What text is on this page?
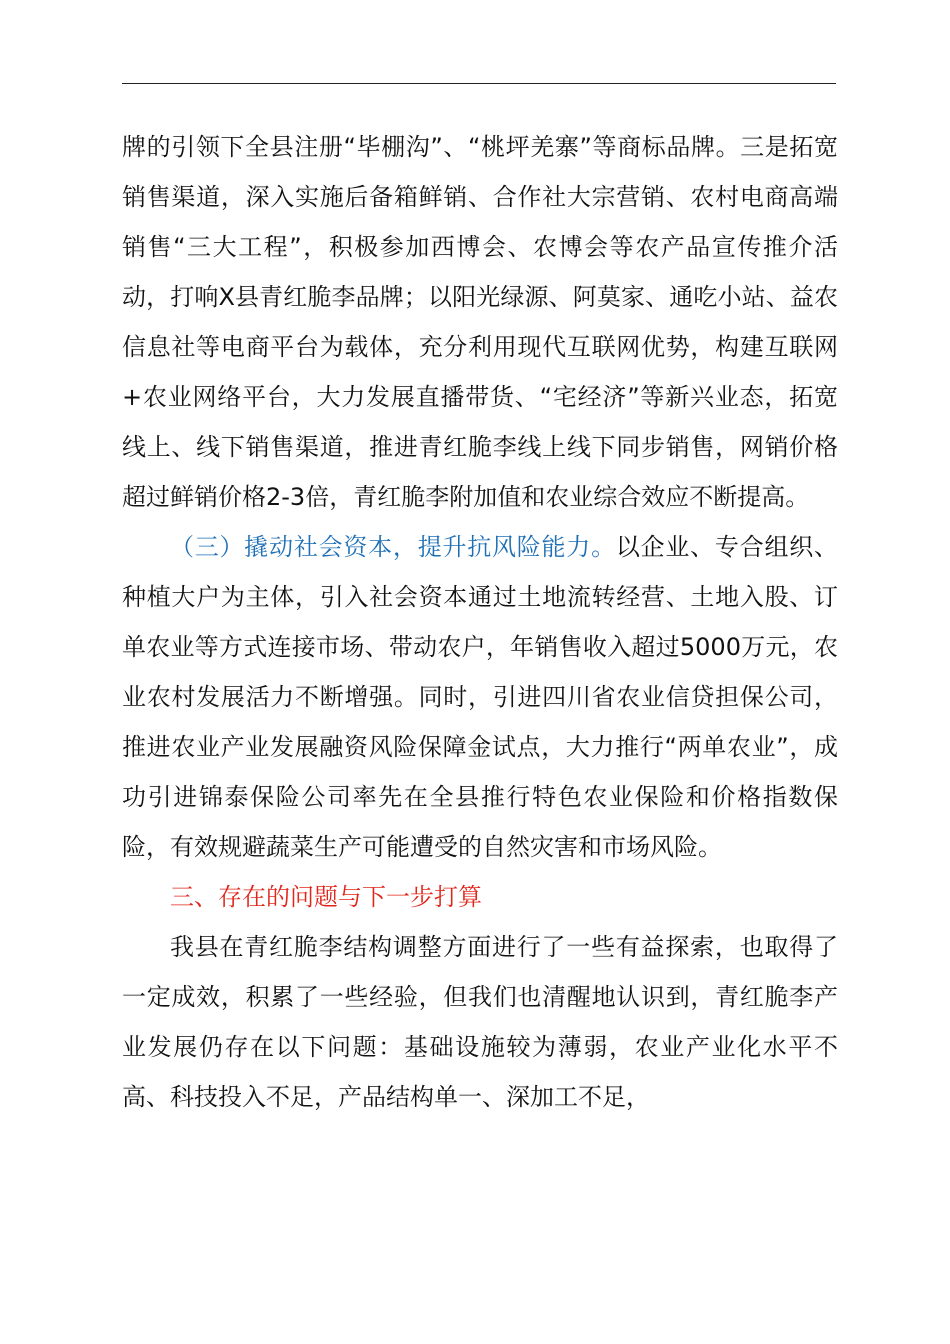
牌的引领下全县注册“毕棚沟”、“桃坪羌寨”等商标品牌。三是拓宽销售渠道，深入实施后备箱鲜销、合作社大宗营销、农村电商高端销售“三大工程”，积极参加西博会、农博会等农产品宣传推介活动，打响X县青红脆李品牌；以阳光绿源、阿莫家、通吃小站、益农信息社等电商平台为载体，充分利用现代互联网优势，构建互联网+农业网络平台，大力发展直播带货、“宅经济”等新兴业态，拓宽线上、线下销售渠道，推进青红脆李线上线下同步销售，网销价格超过鲜销价格2-3倍，青红脆李附加值和农业综合效应不断提高。

（三）撬动社会资本，提升抗风险能力。以企业、专合组织、种植大户为主体，引入社会资本通过土地流转经营、土地入股、订单农业等方式连接市场、带动农户，年销售收入超过5000万元，农业农村发展活力不断增强。同时，引进四川省农业信贷担保公司，推进农业产业发展融资风险保障金试点，大力推行“两单农业”，成功引进锦泰保险公司率先在全县推行特色农业保险和价格指数保险，有效规避蔬菜生产可能遭受的自然灾害和市场风险。

三、存在的问题与下一步打算

我县在青红脆李结构调整方面进行了一些有益探索，也取得了一定成效，积累了一些经验，但我们也清醒地认识到，青红脆李产业发展仍存在以下问题：基础设施较为薄弱，农业产业化水平不高、科技投入不足，产品结构单一、深加工不足，
